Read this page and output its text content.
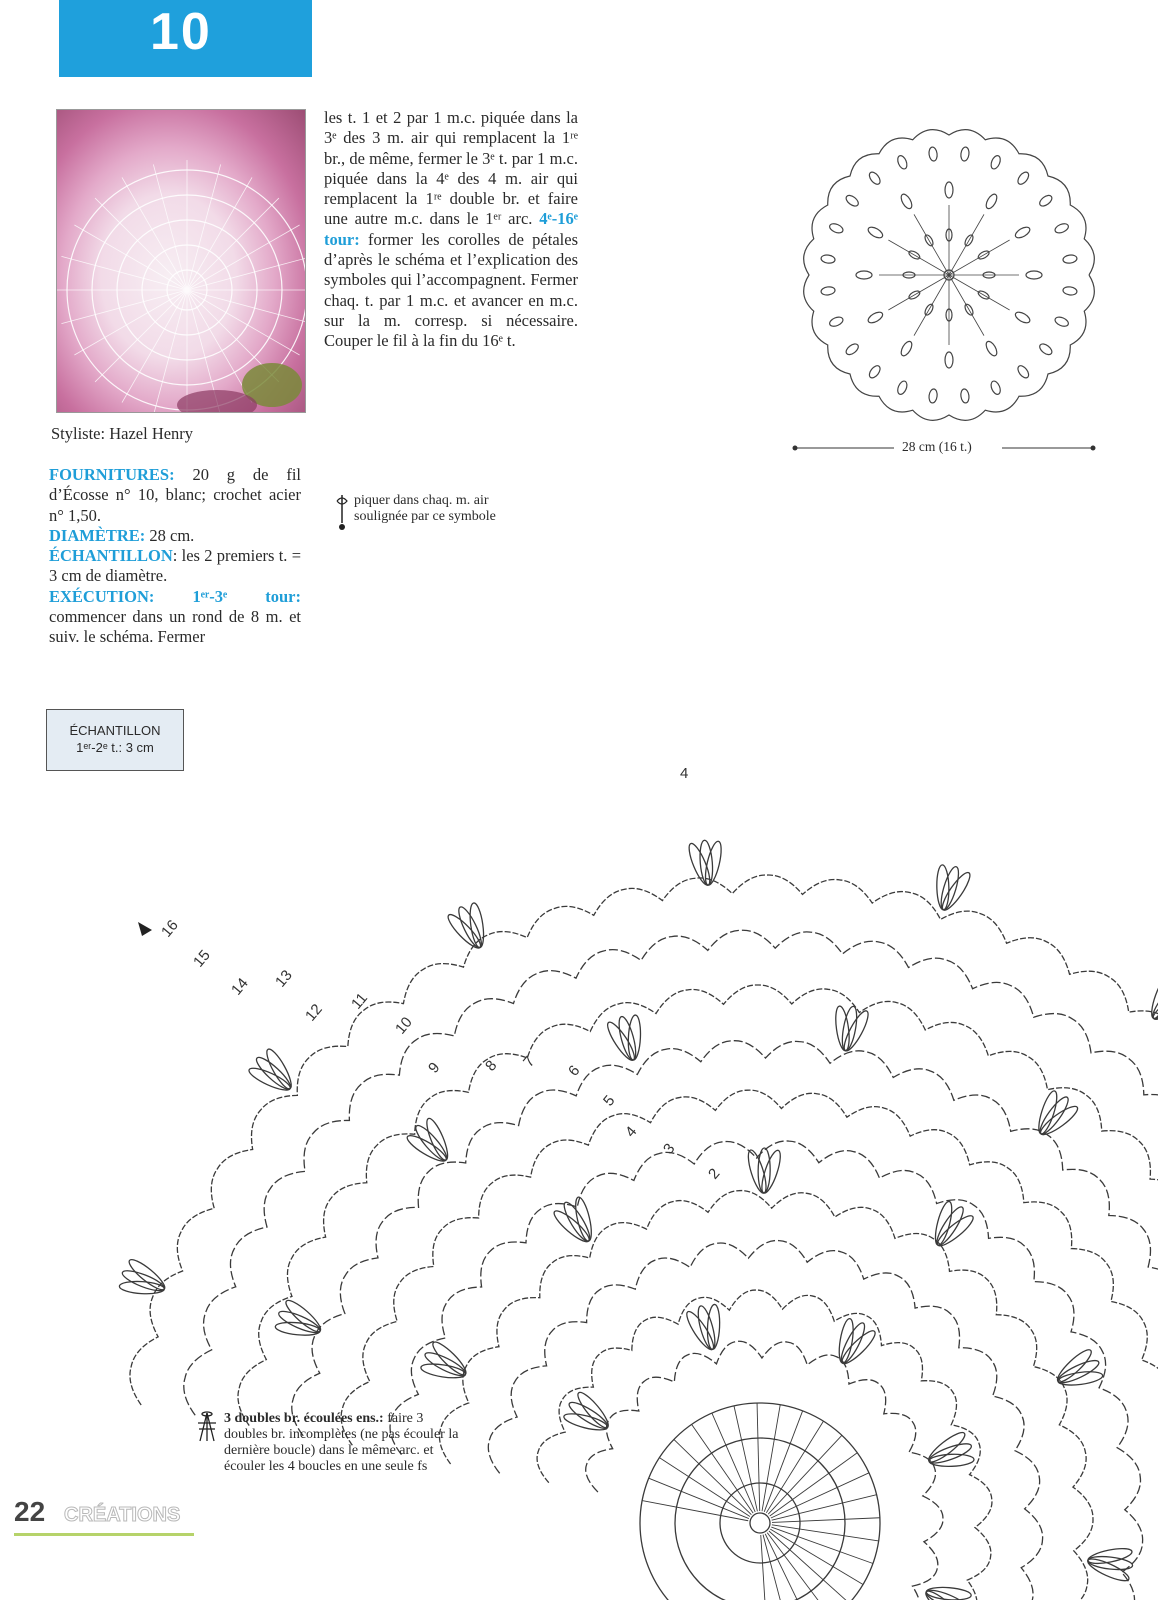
10
les t. 1 et 2 par 1 m.c. piquée dans la 3ᵉ des 3 m. air qui remplacent la 1ʳᵉ br., de même, fermer le 3ᵉ t. par 1 m.c. piquée dans la 4ᵉ des 4 m. air qui remplacent la 1ʳᵉ double br. et faire une autre m.c. dans le 1ᵉʳ arc. 4ᵉ-16ᵉ tour: former les corolles de pétales d’après le schéma et l’explication des symboles qui l’accompagnent. Fermer chaq. t. par 1 m.c. et avancer en m.c. sur la m. corresp. si nécessaire. Couper le fil à la fin du 16ᵉ t.
Styliste: Hazel Henry
FOURNITURES: 20 g de fil d’Écosse n° 10, blanc; crochet acier n° 1,50.
DIAMÈTRE: 28 cm.
ÉCHANTILLON: les 2 premiers t. = 3 cm de diamètre.
EXÉCUTION: 1ᵉʳ-3ᵉ tour: commencer dans un rond de 8 m. et suiv. le schéma. Fermer
ÉCHANTILLON
1ᵉʳ-2ᵉ t.: 3 cm
28 cm (16 t.)
piquer dans chaq. m. air soulignée par ce symbole
2
3
4
5
6
7
8
9
10
11
12
13
14
15
16
4
3 doubles br. écoulées ens.: faire 3 doubles br. incomplètes (ne pas écouler la dernière boucle) dans le même arc. et écouler les 4 boucles en une seule fs
22 CRÉATIONS
